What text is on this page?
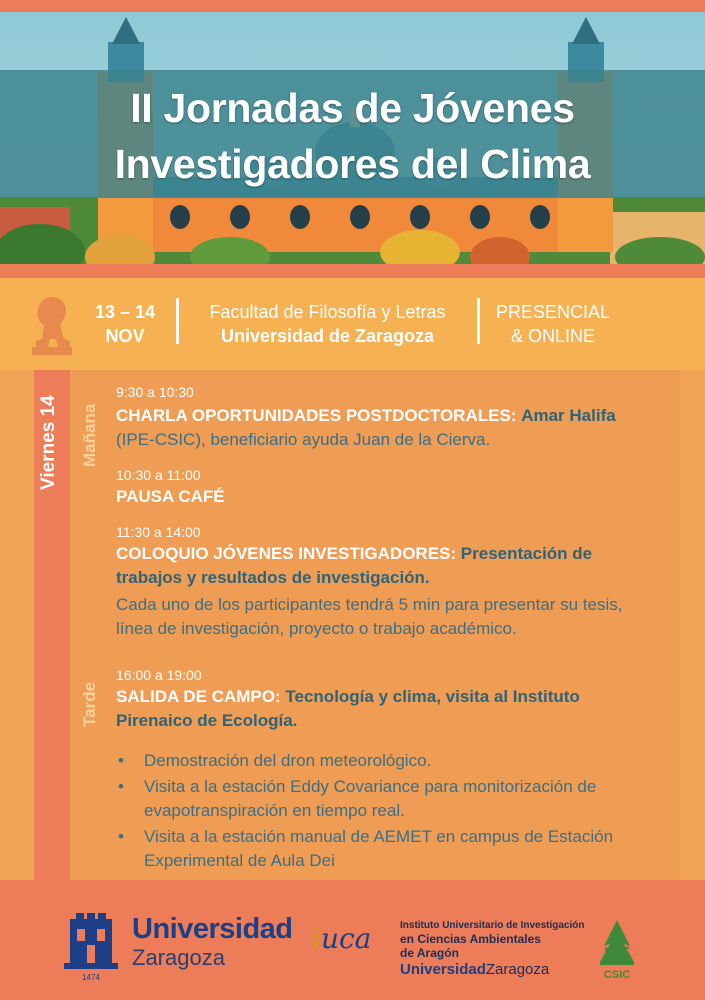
II Jornadas de Jóvenes
Investigadores del Clima
13 – 14
NOV
Facultad de Filosofía y Letras
Universidad de Zaragoza
PRESENCIAL
& ONLINE
Viernes 14 Mañana
Tarde
9:30 a 10:30
CHARLA OPORTUNIDADES POSTDOCTORALES: Amar Halifa (IPE-CSIC), beneficiario ayuda Juan de la Cierva.
10:30 a 11:00
PAUSA CAFÉ
11:30 a 14:00
COLOQUIO JÓVENES INVESTIGADORES: Presentación de trabajos y resultados de investigación.
Cada uno de los participantes tendrá 5 min para presentar su tesis, línea de investigación, proyecto o trabajo académico.
16:00 a 19:00
SALIDA DE CAMPO: Tecnología y clima, visita al Instituto Pirenaico de Ecología.
• Demostración del dron meteorológico.
• Visita a la estación Eddy Covariance para monitorización de evapotranspiración en tiempo real.
• Visita a la estación manual de AEMET en campus de Estación Experimental de Aula Dei
1474
Universidad
Zaragoza
iuca	Instituto Universitario de Investigación
en Ciencias Ambientales
de Aragón
UniversidadZaragoza
IPE
CSIC
